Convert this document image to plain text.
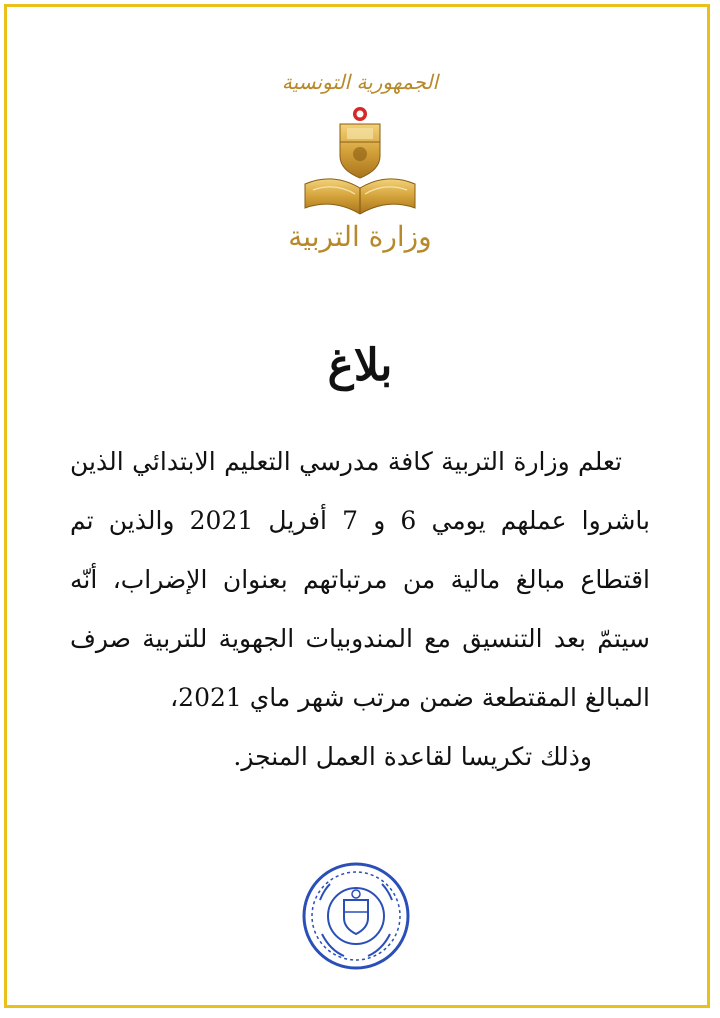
الجمهورية التونسية
وزارة التربية
بلاغ

تعلم وزارة التربية كافة مدرسي التعليم الابتدائي الذين باشروا عملهم يومي 6 و 7 أفريل 2021 والذين تم اقتطاع مبالغ مالية من مرتباتهم بعنوان الإضراب، أنّه سيتمّ بعد التنسيق مع المندوبيات الجهوية للتربية صرف المبالغ المقتطعة ضمن مرتب شهر ماي 2021،

وذلك تكريسا لقاعدة العمل المنجز.
